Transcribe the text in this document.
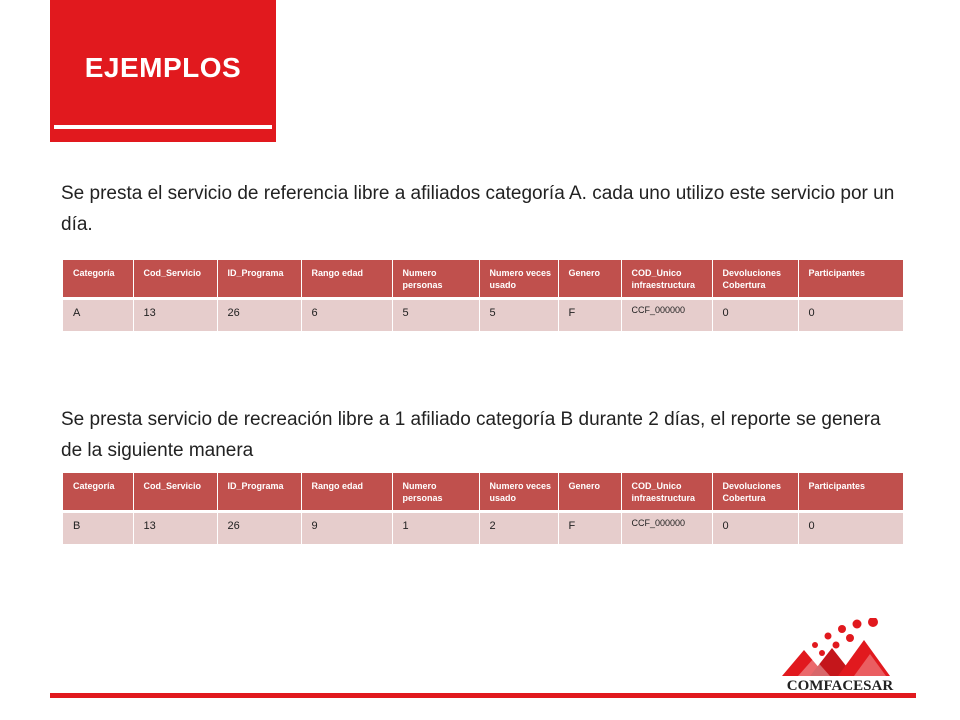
EJEMPLOS
Se presta el servicio de referencia libre a afiliados categoría A. cada uno utilizo este servicio por un día.
Categoría	Cod_Servicio	ID_Programa	Rango edad	Numero personas	Numero veces usado	Genero	COD_Unico infraestructura	Devoluciones Cobertura	Participantes
A	13	26	6	5	5	F	CCF_000000	0	0
Se presta servicio de recreación libre a 1 afiliado categoría B durante 2 días, el reporte se genera de la siguiente manera
Categoría	Cod_Servicio	ID_Programa	Rango edad	Numero personas	Numero veces usado	Genero	COD_Unico infraestructura	Devoluciones Cobertura	Participantes
B	13	26	9	1	2	F	CCF_000000	0	0
COMFACESAR
